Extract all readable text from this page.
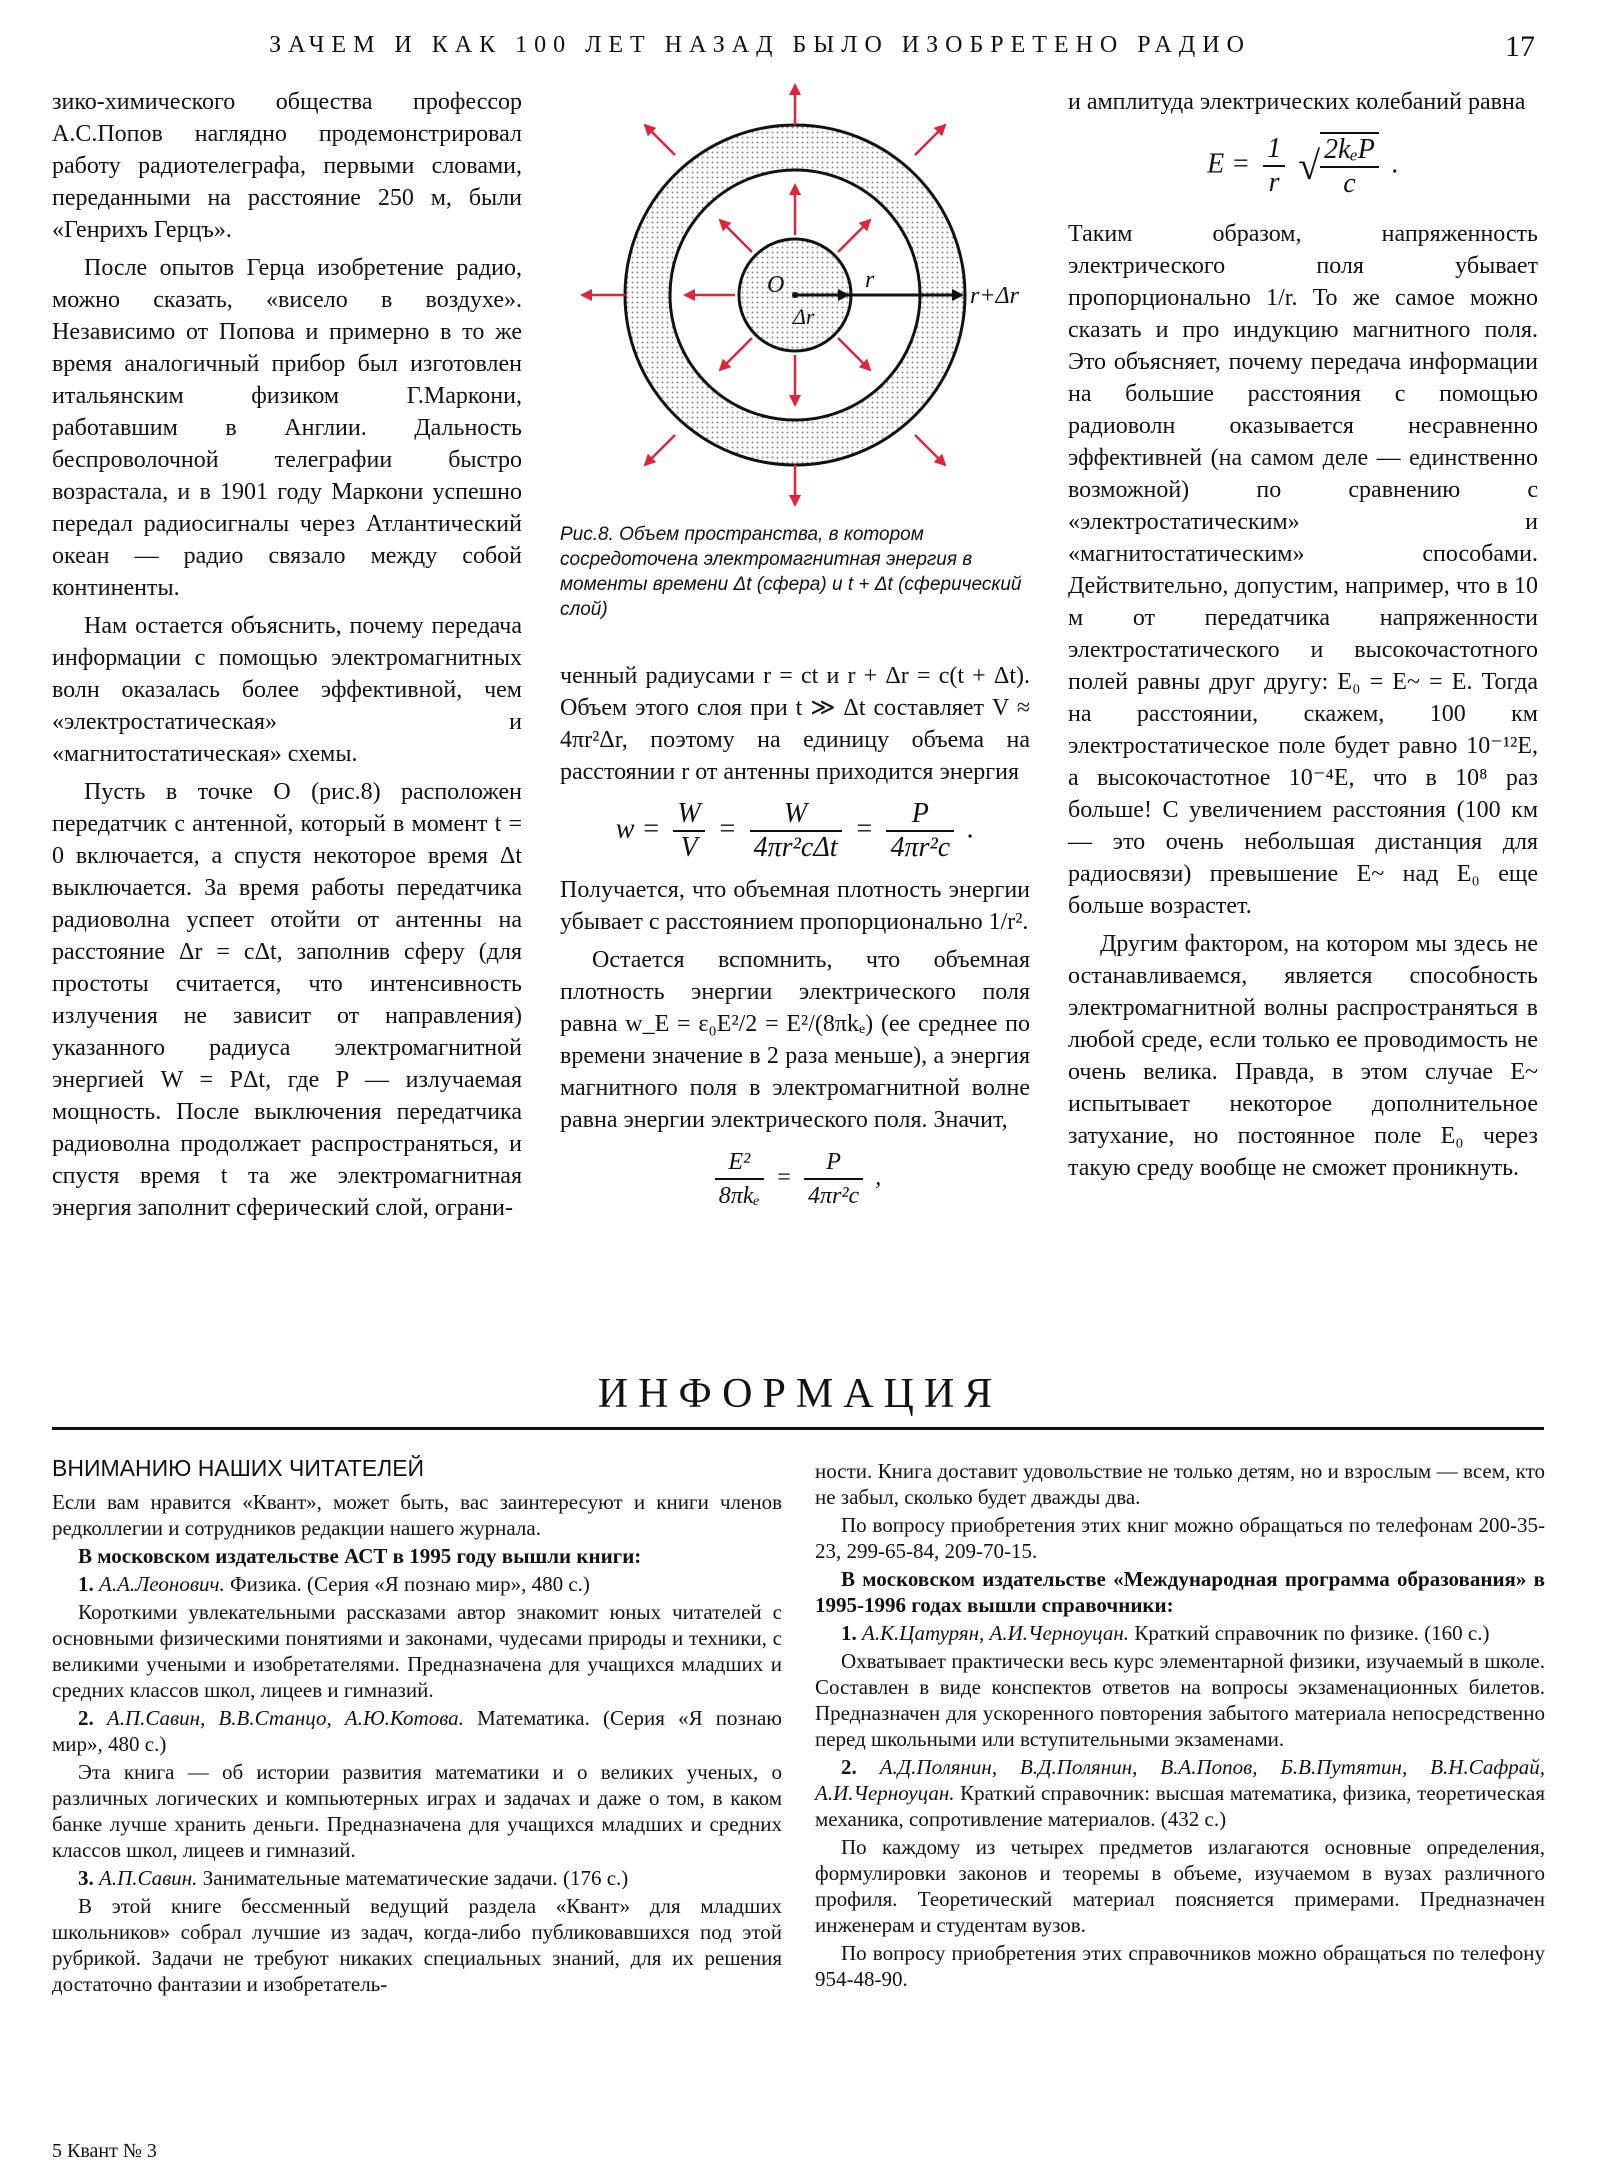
ЗАЧЕМ И КАК 100 ЛЕТ НАЗАД БЫЛО ИЗОБРЕТЕНО РАДИО	17

зико-химического общества профессор А.С.Попов наглядно продемонстрировал работу радиотелеграфа, первыми словами, переданными на расстояние 250 м, были «Генрихъ Герцъ».

После опытов Герца изобретение радио, можно сказать, «висело в воздухе». Независимо от Попова и примерно в то же время аналогичный прибор был изготовлен итальянским физиком Г.Маркони, работавшим в Англии. Дальность беспроволочной телеграфии быстро возрастала, и в 1901 году Маркони успешно передал радиосигналы через Атлантический океан — радио связало между собой континенты.

Нам остается объяснить, почему передача информации с помощью электромагнитных волн оказалась более эффективной, чем «электростатическая» и «магнитостатическая» схемы.

Пусть в точке O (рис.8) расположен передатчик с антенной, который в момент t = 0 включается, а спустя некоторое время Δt выключается. За время работы передатчика радиоволна успеет отойти от антенны на расстояние Δr = cΔt, заполнив сферу (для простоты считается, что интенсивность излучения не зависит от направления) указанного радиуса электромагнитной энергией W = PΔt, где P — излучаемая мощность. После выключения передатчика радиоволна продолжает распространяться, и спустя время t та же электромагнитная энергия заполнит сферический слой, ограни-

O
Δr
r
r+Δr
Рис.8. Объем пространства, в котором сосредоточена электромагнитная энергия в моменты времени Δt (сфера) и t + Δt (сферический слой)

ченный радиусами r = ct и r + Δr = c(t + Δt). Объем этого слоя при t ≫ Δt составляет V ≈ 4πr²Δr, поэтому на единицу объема на расстоянии r от антенны приходится энергия

$w = \frac{W}{V} = \frac{W}{\text{4πr²cΔt}} = \frac{P}{\text{4πr²c}}$ .

Получается, что объемная плотность энергии убывает с расстоянием пропорционально 1/r².

Остается вспомнить, что объемная плотность энергии электрического поля равна w_E = ε₀E²/2 = E²/(8πkₑ) (ее среднее по времени значение в 2 раза меньше), а энергия магнитного поля в электромагнитной волне равна энергии электрического поля. Значит,

$\frac{\text{E²}}{\text{8πkₑ}} = \frac{P}{\text{4πr²c}}$ ,

и амплитуда электрических колебаний равна

$E = \frac{1}{r}$ √ $\frac{\text{2kₑP}}{c}$ .

Таким образом, напряженность электрического поля убывает пропорционально 1/r. То же самое можно сказать и про индукцию магнитного поля. Это объясняет, почему передача информации на большие расстояния с помощью радиоволн оказывается несравненно эффективней (на самом деле — единственно возможной) по сравнению с «электростатическим» и «магнитостатическим» способами. Действительно, допустим, например, что в 10 м от передатчика напряженности электростатического и высокочастотного полей равны друг другу: E₀ = E~ = E. Тогда на расстоянии, скажем, 100 км электростатическое поле будет равно 10⁻¹²E, а высокочастотное 10⁻⁴E, что в 10⁸ раз больше! С увеличением расстояния (100 км — это очень небольшая дистанция для радиосвязи) превышение E~ над E₀ еще больше возрастет.

Другим фактором, на котором мы здесь не останавливаемся, является способность электромагнитной волны распространяться в любой среде, если только ее проводимость не очень велика. Правда, в этом случае E~ испытывает некоторое дополнительное затухание, но постоянное поле E₀ через такую среду вообще не сможет проникнуть.

ИНФОРМАЦИЯ
ВНИМАНИЮ НАШИХ ЧИТАТЕЛЕЙ

Если вам нравится «Квант», может быть, вас заинтересуют и книги членов редколлегии и сотрудников редакции нашего журнала.

В московском издательстве АСТ в 1995 году вышли книги:

1. А.А.Леонович. Физика. (Серия «Я познаю мир», 480 с.)

Короткими увлекательными рассказами автор знакомит юных читателей с основными физическими понятиями и законами, чудесами природы и техники, с великими учеными и изобретателями. Предназначена для учащихся младших и средних классов школ, лицеев и гимназий.

2. А.П.Савин, В.В.Станцо, А.Ю.Котова. Математика. (Серия «Я познаю мир», 480 с.)

Эта книга — об истории развития математики и о великих ученых, о различных логических и компьютерных играх и задачах и даже о том, в каком банке лучше хранить деньги. Предназначена для учащихся младших и средних классов школ, лицеев и гимназий.

3. А.П.Савин. Занимательные математические задачи. (176 с.)

В этой книге бессменный ведущий раздела «Квант» для младших школьников» собрал лучшие из задач, когда-либо публиковавшихся под этой рубрикой. Задачи не требуют никаких специальных знаний, для их решения достаточно фантазии и изобретатель-

ности. Книга доставит удовольствие не только детям, но и взрослым — всем, кто не забыл, сколько будет дважды два.

По вопросу приобретения этих книг можно обращаться по телефонам 200-35-23, 299-65-84, 209-70-15.

В московском издательстве «Международная программа образования» в 1995-1996 годах вышли справочники:

1. А.К.Цатурян, А.И.Черноуцан. Краткий справочник по физике. (160 с.)

Охватывает практически весь курс элементарной физики, изучаемый в школе. Составлен в виде конспектов ответов на вопросы экзаменационных билетов. Предназначен для ускоренного повторения забытого материала непосредственно перед школьными или вступительными экзаменами.

2. А.Д.Полянин, В.Д.Полянин, В.А.Попов, Б.В.Путятин, В.Н.Сафрай, А.И.Черноуцан. Краткий справочник: высшая математика, физика, теоретическая механика, сопротивление материалов. (432 с.)

По каждому из четырех предметов излагаются основные определения, формулировки законов и теоремы в объеме, изучаемом в вузах различного профиля. Теоретический материал поясняется примерами. Предназначен инженерам и студентам вузов.

По вопросу приобретения этих справочников можно обращаться по телефону 954-48-90.

5 Квант № 3
